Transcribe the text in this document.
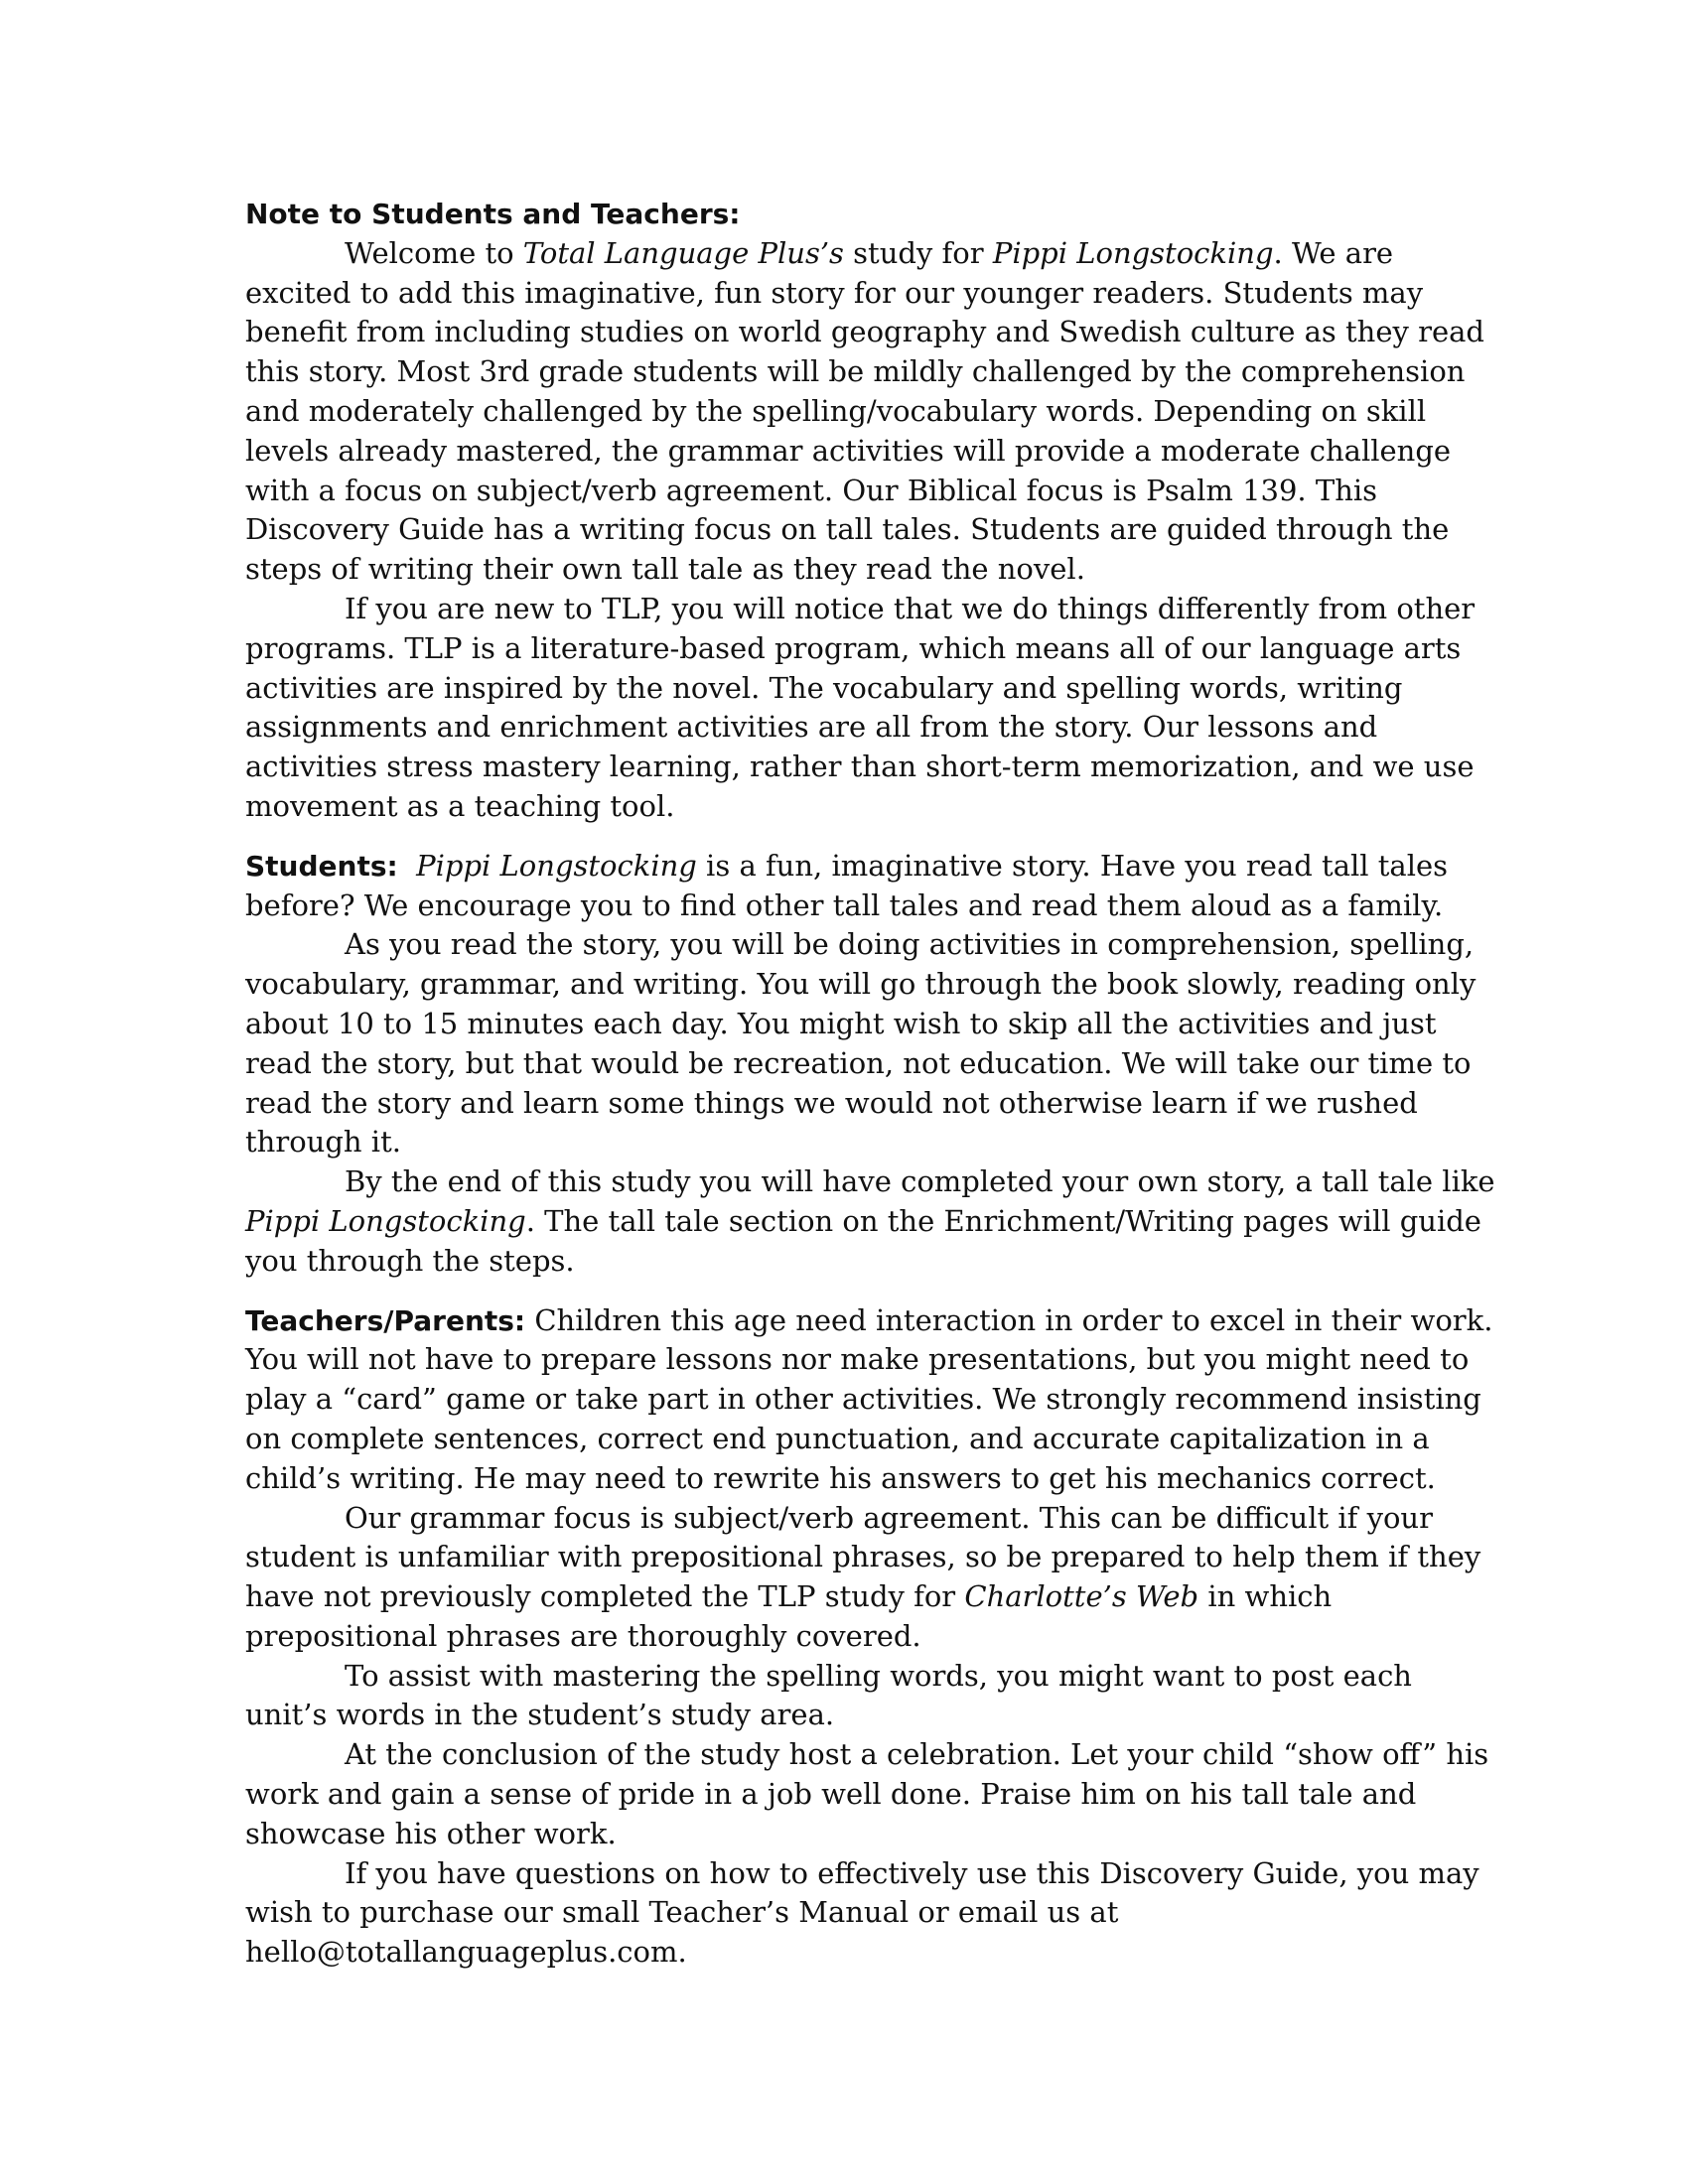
Note to Students and Teachers:

Welcome to Total Language Plus’s study for Pippi Longstocking. We are excited to add this imaginative, fun story for our younger readers. Students may benefit from including studies on world geography and Swedish culture as they read this story. Most 3rd grade students will be mildly challenged by the comprehension and moderately challenged by the spelling/vocabulary words. Depending on skill levels already mastered, the grammar activities will provide a moderate challenge with a focus on subject/verb agreement. Our Biblical focus is Psalm 139. This Discovery Guide has a writing focus on tall tales. Students are guided through the steps of writing their own tall tale as they read the novel.

If you are new to TLP, you will notice that we do things differently from other programs. TLP is a literature-based program, which means all of our language arts activities are inspired by the novel. The vocabulary and spelling words, writing assignments and enrichment activities are all from the story. Our lessons and activities stress mastery learning, rather than short-term memorization, and we use movement as a teaching tool.

Students: Pippi Longstocking is a fun, imaginative story. Have you read tall tales before? We encourage you to find other tall tales and read them aloud as a family.

As you read the story, you will be doing activities in comprehension, spelling, vocabulary, grammar, and writing. You will go through the book slowly, reading only about 10 to 15 minutes each day. You might wish to skip all the activities and just read the story, but that would be recreation, not education. We will take our time to read the story and learn some things we would not otherwise learn if we rushed through it.

By the end of this study you will have completed your own story, a tall tale like Pippi Longstocking. The tall tale section on the Enrichment/Writing pages will guide you through the steps.

Teachers/Parents: Children this age need interaction in order to excel in their work. You will not have to prepare lessons nor make presentations, but you might need to play a “card” game or take part in other activities. We strongly recommend insisting on complete sentences, correct end punctuation, and accurate capitalization in a child’s writing. He may need to rewrite his answers to get his mechanics correct.

Our grammar focus is subject/verb agreement. This can be difficult if your student is unfamiliar with prepositional phrases, so be prepared to help them if they have not previously completed the TLP study for Charlotte’s Web in which prepositional phrases are thoroughly covered.

To assist with mastering the spelling words, you might want to post each unit’s words in the student’s study area.

At the conclusion of the study host a celebration. Let your child “show off” his work and gain a sense of pride in a job well done. Praise him on his tall tale and showcase his other work.

If you have questions on how to effectively use this Discovery Guide, you may wish to purchase our small Teacher’s Manual or email us at hello@totallanguageplus.com.
